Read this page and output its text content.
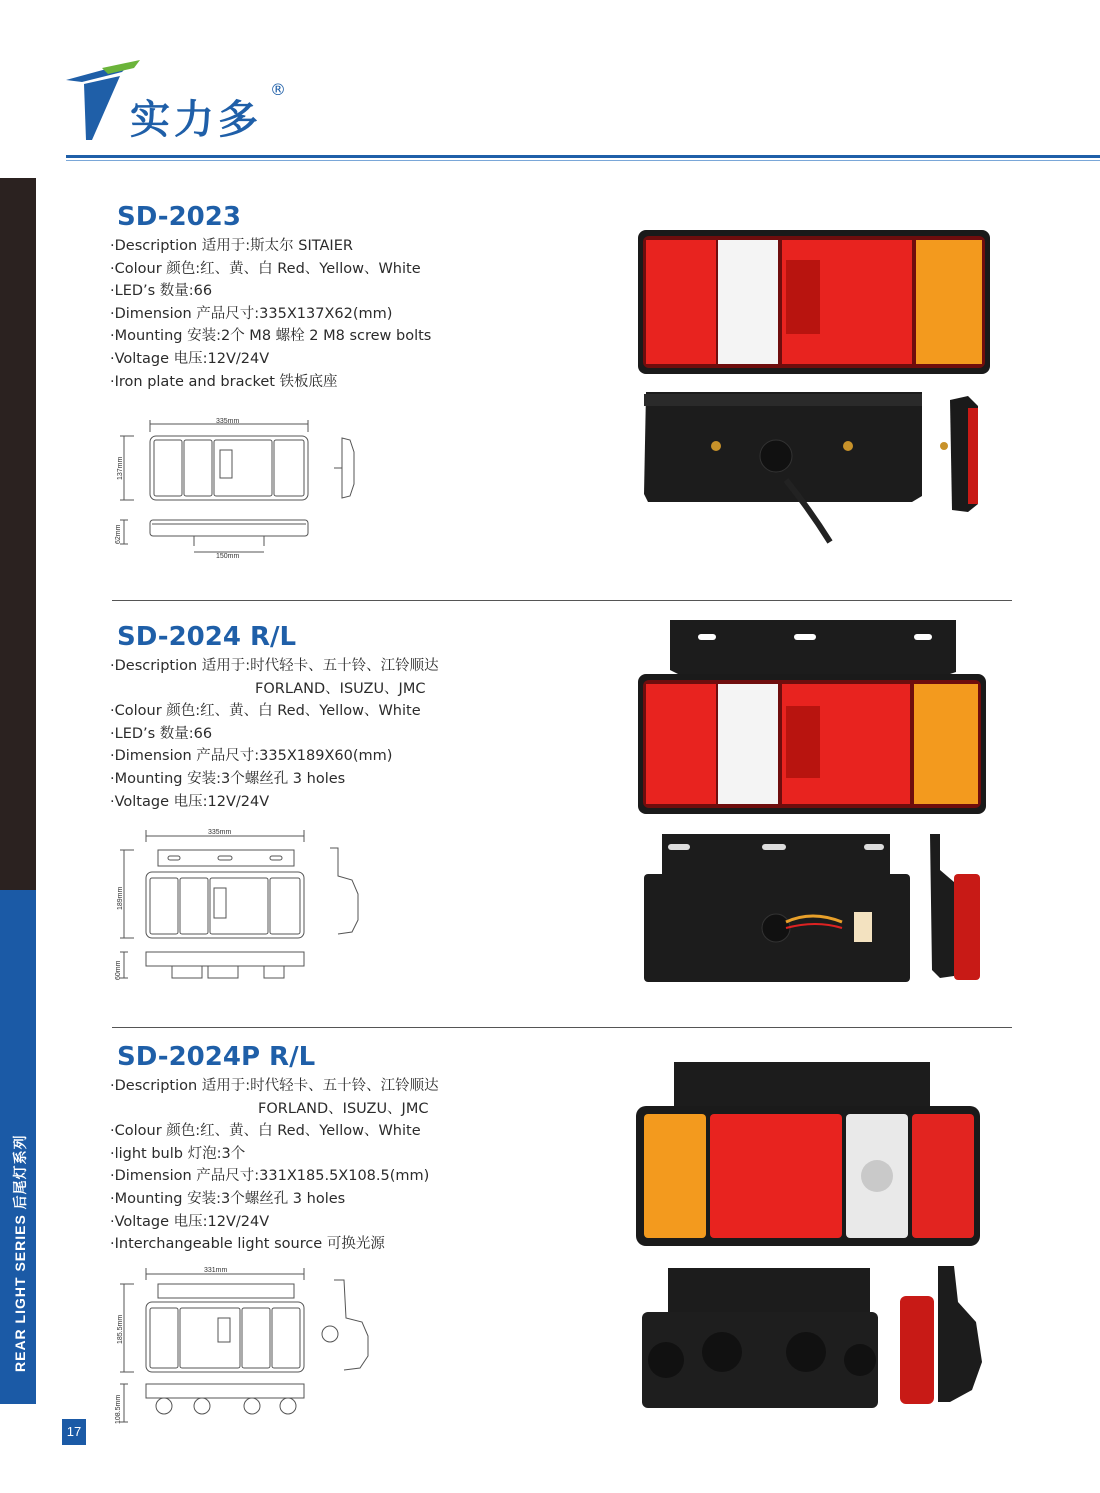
实力多
®
REAR LIGHT SERIES 后尾灯系列
17
SD-2023
·Description 适用于:斯太尔 SITAIER
·Colour 颜色:红、黄、白 Red、Yellow、White
·LED’s 数量:66
·Dimension 产品尺寸:335X137X62(mm)
·Mounting 安装:2个 M8 螺栓 2 M8 screw bolts
·Voltage 电压:12V/24V
·Iron plate and bracket 铁板底座
335mm
137mm
62mm
150mm
SD-2024 R/L
·Description 适用于:时代轻卡、五十铃、江铃顺达
FORLAND、ISUZU、JMC
·Colour 颜色:红、黄、白 Red、Yellow、White
·LED’s 数量:66
·Dimension 产品尺寸:335X189X60(mm)
·Mounting 安装:3个螺丝孔 3 holes
·Voltage 电压:12V/24V
335mm
189mm
60mm
SD-2024P R/L
·Description 适用于:时代轻卡、五十铃、江铃顺达
FORLAND、ISUZU、JMC
·Colour 颜色:红、黄、白 Red、Yellow、White
·light bulb 灯泡:3个
·Dimension 产品尺寸:331X185.5X108.5(mm)
·Mounting 安装:3个螺丝孔 3 holes
·Voltage 电压:12V/24V
·Interchangeable light source 可换光源
331mm
185.5mm
108.5mm
